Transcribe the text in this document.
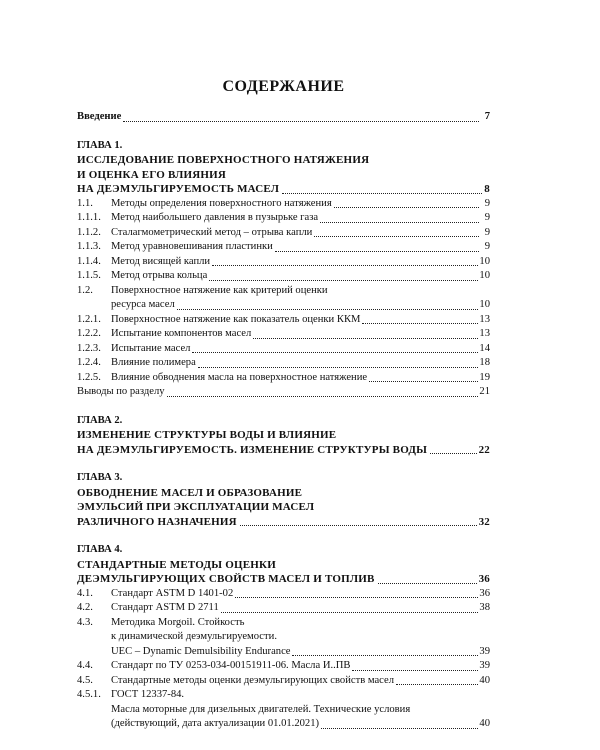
СОДЕРЖАНИЕ
Введение	7
ГЛАВА 1.
ИССЛЕДОВАНИЕ ПОВЕРХНОСТНОГО НАТЯЖЕНИЯ
И ОЦЕНКА ЕГО ВЛИЯНИЯ
НА ДЕЭМУЛЬГИРУЕМОСТЬ МАСЕЛ	8
1.1.	Методы определения поверхностного натяжения	9
1.1.1. Метод наибольшего давления в пузырьке газа	9
1.1.2. Сталагмометрический метод – отрыва капли	9
1.1.3. Метод уравновешивания пластинки	9
1.1.4. Метод висящей капли	10
1.1.5. Метод отрыва кольца	10
1.2.	Поверхностное натяжение как критерий оценки
ресурса масел	10
1.2.1. Поверхностное натяжение как показатель оценки ККМ	13
1.2.2. Испытание компонентов масел	13
1.2.3. Испытание масел	14
1.2.4. Влияние полимера	18
1.2.5. Влияние обводнения масла на поверхностное натяжение	19
Выводы по разделу	21
ГЛАВА 2.
ИЗМЕНЕНИЕ СТРУКТУРЫ ВОДЫ И ВЛИЯНИЕ
НА ДЕЭМУЛЬГИРУЕМОСТЬ. ИЗМЕНЕНИЕ СТРУКТУРЫ ВОДЫ	22
ГЛАВА 3.
ОБВОДНЕНИЕ МАСЕЛ И ОБРАЗОВАНИЕ
ЭМУЛЬСИЙ ПРИ ЭКСПЛУАТАЦИИ МАСЕЛ
РАЗЛИЧНОГО НАЗНАЧЕНИЯ	32
ГЛАВА 4.
СТАНДАРТНЫЕ МЕТОДЫ ОЦЕНКИ
ДЕЭМУЛЬГИРУЮЩИХ СВОЙСТВ МАСЕЛ И ТОПЛИВ	36
4.1.	Стандарт ASTM D 1401-02	36
4.2.	Стандарт ASTM D 2711	38
4.3.	Методика Morgoil. Стойкость
к динамической деэмульгируемости.
UEC – Dynamic Demulsibility Endurance	39
4.4.	Стандарт по ТУ 0253-034-00151911-06. Масла И..ПВ	39
4.5.	Стандартные методы оценки деэмульгирующих свойств масел	40
4.5.1. ГОСТ 12337-84.
Масла моторные для дизельных двигателей. Технические условия
(действующий, дата актуализации 01.01.2021)	40
